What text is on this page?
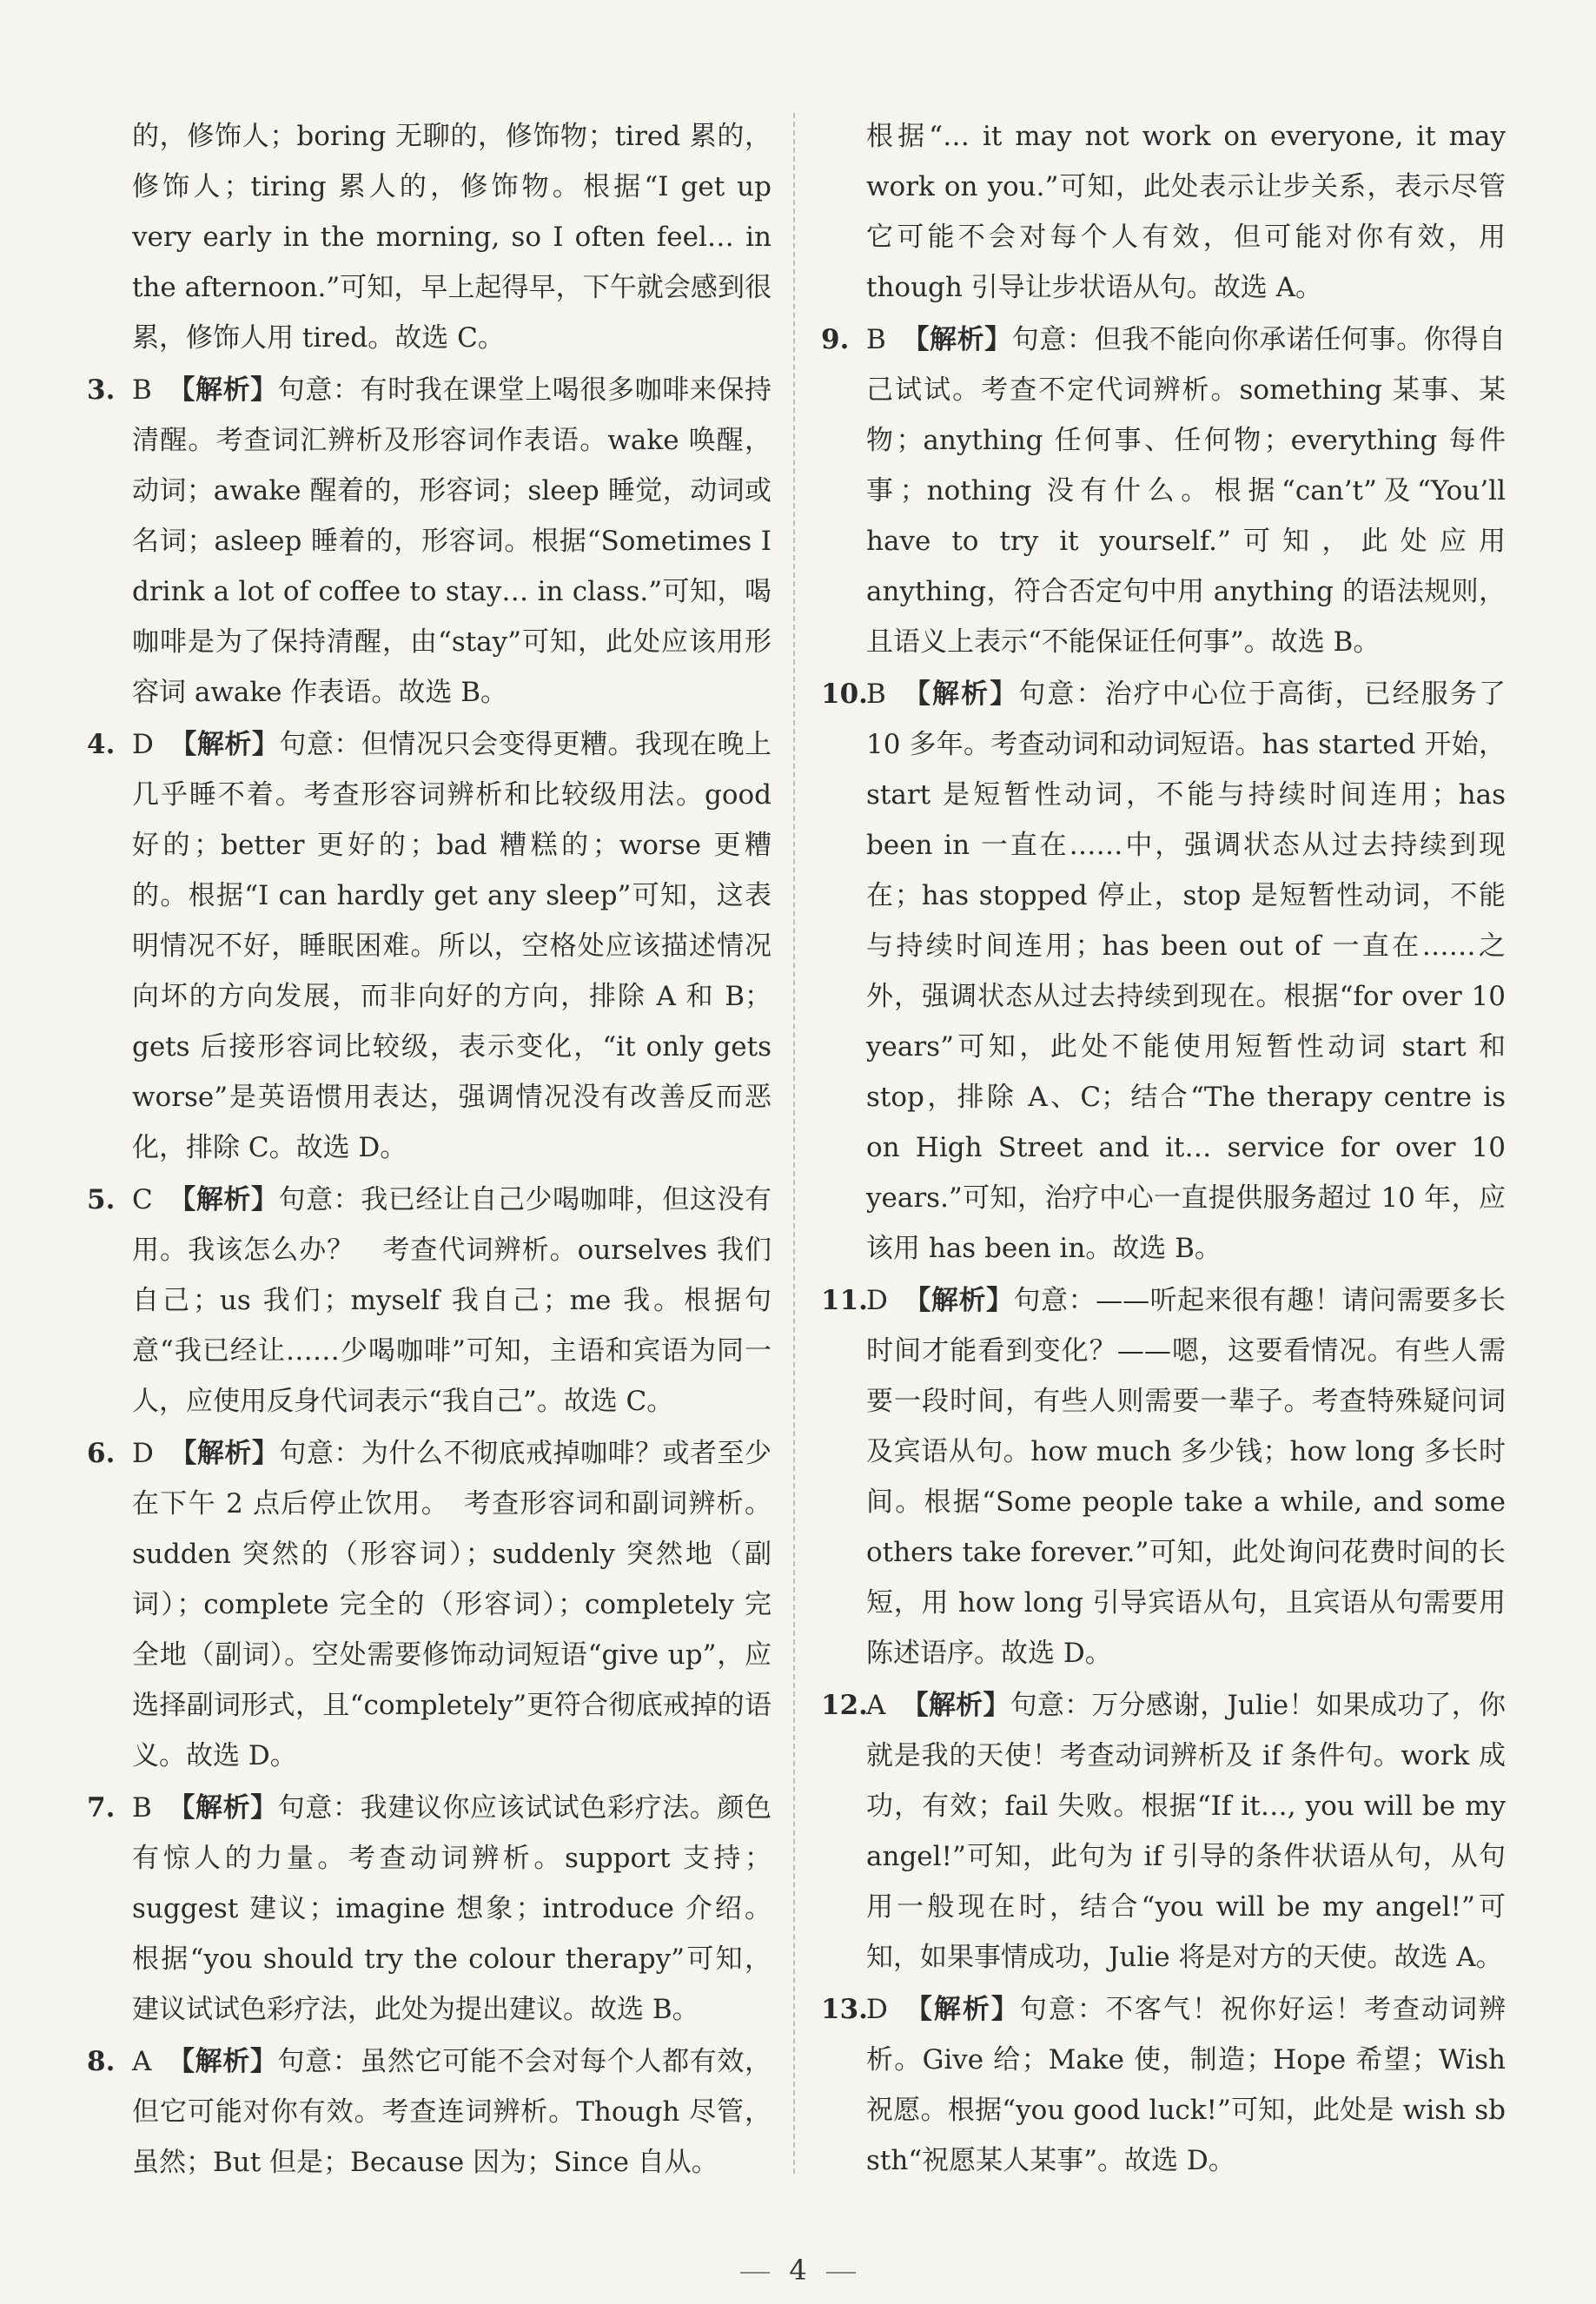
的，修饰人；boring 无聊的，修饰物；tired 累的，修饰人；tiring 累人的，修饰物。根据“I get up very early in the morning, so I often feel… in the afternoon.”可知，早上起得早，下午就会感到很累，修饰人用 tired。故选 C。
3. B 【解析】句意：有时我在课堂上喝很多咖啡来保持清醒。考查词汇辨析及形容词作表语。wake 唤醒，动词；awake 醒着的，形容词；sleep 睡觉，动词或名词；asleep 睡着的，形容词。根据“Sometimes I drink a lot of coffee to stay… in class.”可知，喝咖啡是为了保持清醒，由“stay”可知，此处应该用形容词 awake 作表语。故选 B。
4. D 【解析】句意：但情况只会变得更糟。我现在晚上几乎睡不着。考查形容词辨析和比较级用法。good 好的；better 更好的；bad 糟糕的；worse 更糟的。根据“I can hardly get any sleep”可知，这表明情况不好，睡眠困难。所以，空格处应该描述情况向坏的方向发展，而非向好的方向，排除 A 和 B；gets 后接形容词比较级，表示变化，“it only gets worse”是英语惯用表达，强调情况没有改善反而恶化，排除 C。故选 D。
5. C 【解析】句意：我已经让自己少喝咖啡，但这没有用。我该怎么办？　考查代词辨析。ourselves 我们自己；us 我们；myself 我自己；me 我。根据句意“我已经让……少喝咖啡”可知，主语和宾语为同一人，应使用反身代词表示“我自己”。故选 C。
6. D 【解析】句意：为什么不彻底戒掉咖啡？或者至少在下午 2 点后停止饮用。　考查形容词和副词辨析。sudden 突然的（形容词）；suddenly 突然地（副词）；complete 完全的（形容词）；completely 完全地（副词）。空处需要修饰动词短语“give up”，应选择副词形式，且“completely”更符合彻底戒掉的语义。故选 D。
7. B 【解析】句意：我建议你应该试试色彩疗法。颜色有惊人的力量。考查动词辨析。support 支持；suggest 建议；imagine 想象；introduce 介绍。根据“you should try the colour therapy”可知，建议试试色彩疗法，此处为提出建议。故选 B。
8. A 【解析】句意：虽然它可能不会对每个人都有效，但它可能对你有效。考查连词辨析。Though 尽管，虽然；But 但是；Because 因为；Since 自从。
根据“… it may not work on everyone, it may work on you.”可知，此处表示让步关系，表示尽管它可能不会对每个人有效，但可能对你有效，用 though 引导让步状语从句。故选 A。
9. B 【解析】句意：但我不能向你承诺任何事。你得自己试试。考查不定代词辨析。something 某事、某物；anything 任何事、任何物；everything 每件事；nothing 没有什么。根据“can’t”及“You’ll have to try it yourself.”可知，此处应用 anything，符合否定句中用 anything 的语法规则，且语义上表示“不能保证任何事”。故选 B。
10.B 【解析】句意：治疗中心位于高街，已经服务了 10 多年。考查动词和动词短语。has started 开始，start 是短暂性动词，不能与持续时间连用；has been in 一直在……中，强调状态从过去持续到现在；has stopped 停止，stop 是短暂性动词，不能与持续时间连用；has been out of 一直在……之外，强调状态从过去持续到现在。根据“for over 10 years”可知，此处不能使用短暂性动词 start 和 stop，排除 A、C；结合“The therapy centre is on High Street and it… service for over 10 years.”可知，治疗中心一直提供服务超过 10 年，应该用 has been in。故选 B。
11.D 【解析】句意：——听起来很有趣！请问需要多长时间才能看到变化？——嗯，这要看情况。有些人需要一段时间，有些人则需要一辈子。考查特殊疑问词及宾语从句。how much 多少钱；how long 多长时间。根据“Some people take a while, and some others take forever.”可知，此处询问花费时间的长短，用 how long 引导宾语从句，且宾语从句需要用陈述语序。故选 D。
12.A 【解析】句意：万分感谢，Julie！如果成功了，你就是我的天使！考查动词辨析及 if 条件句。work 成功，有效；fail 失败。根据“If it…, you will be my angel!”可知，此句为 if 引导的条件状语从句，从句用一般现在时，结合“you will be my angel!”可知，如果事情成功，Julie 将是对方的天使。故选 A。
13.D 【解析】句意：不客气！祝你好运！考查动词辨析。Give 给；Make 使，制造；Hope 希望；Wish 祝愿。根据“you good luck!”可知，此处是 wish sb sth“祝愿某人某事”。故选 D。
4
